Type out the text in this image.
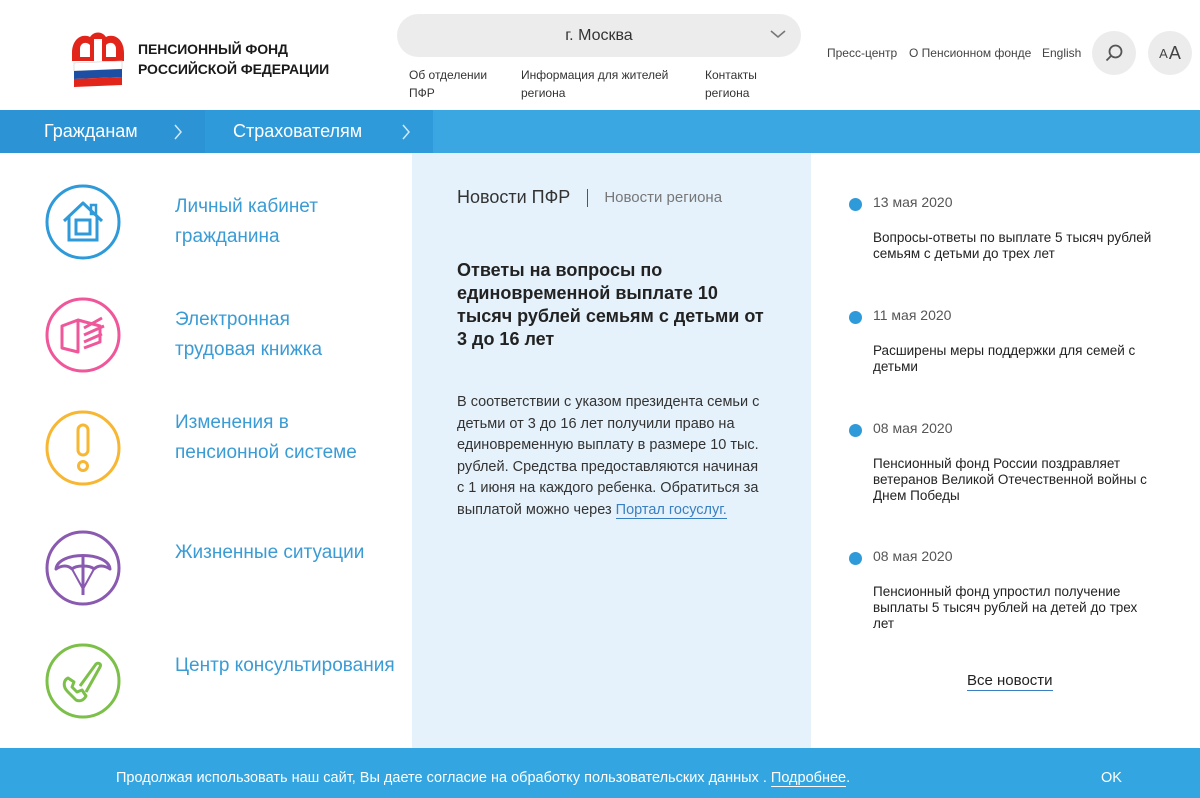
ПЕНСИОННЫЙ ФОНД
РОССИЙСКОЙ ФЕДЕРАЦИИ
г. Москва
Об отделении ПФР
Информация для жителей региона
Контакты региона
Пресс-центр О Пенсионном фонде English	A A
Гражданам	Страхователям
Личный кабинет гражданина
Электронная трудовая книжка
Изменения в пенсионной системе
Жизненные ситуации
Центр консультирования
Новости ПФР Новости региона
Ответы на вопросы по единовременной выплате 10 тысяч рублей семьям с детьми от 3 до 16 лет
В соответствии с указом президента семьи с детьми от 3 до 16 лет получили право на единовременную выплату в размере 10 тыс. рублей. Средства предоставляются начиная с 1 июня на каждого ребенка. Обратиться за выплатой можно через Портал госуслуг.
13 мая 2020
Вопросы-ответы по выплате 5 тысяч рублей семьям с детьми до трех лет
11 мая 2020
Расширены меры поддержки для семей с детьми
08 мая 2020
Пенсионный фонд России поздравляет ветеранов Великой Отечественной войны с Днем Победы
08 мая 2020
Пенсионный фонд упростил получение выплаты 5 тысяч рублей на детей до трех лет
Все новости
Продолжая использовать наш сайт, Вы даете согласие на обработку пользовательских данных . Подробнее.	OK
